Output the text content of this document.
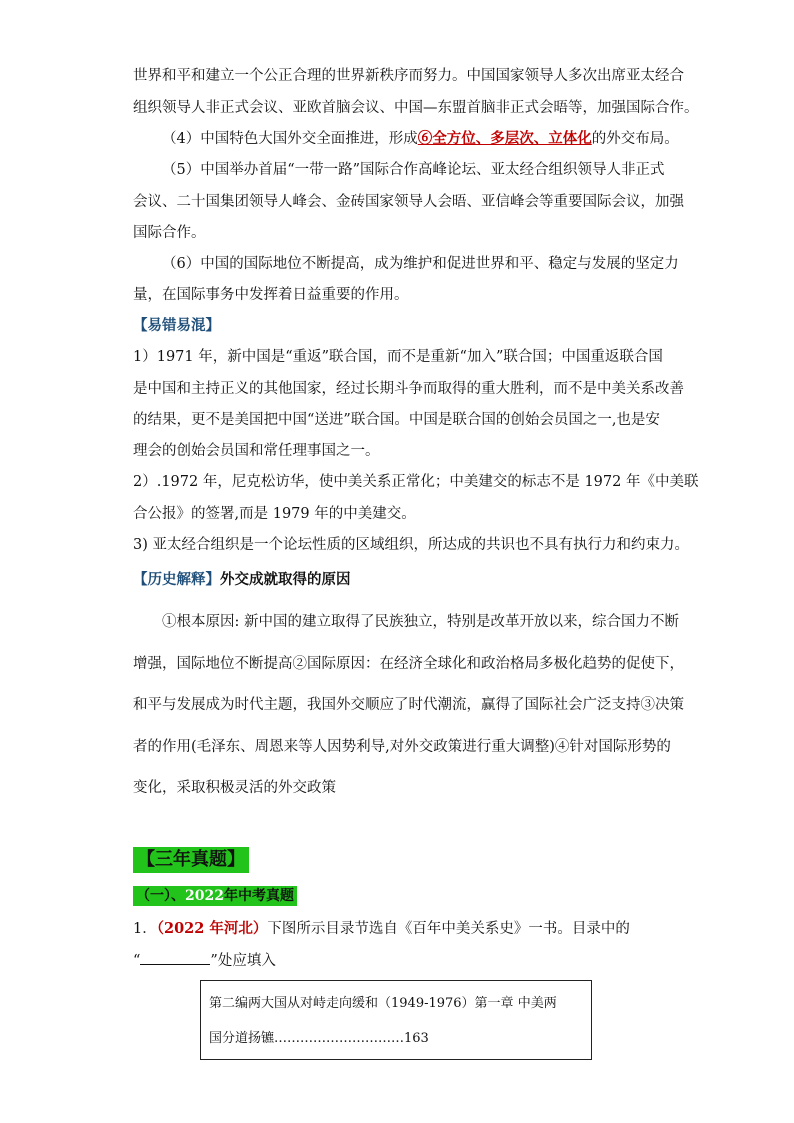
世界和平和建立一个公正合理的世界新秩序而努力。中国国家领导人多次出席亚太经合
组织领导人非正式会议、亚欧首脑会议、中国—东盟首脑非正式会晤等，加强国际合作。
（4）中国特色大国外交全面推进，形成⑥全方位、多层次、立体化的外交布局。
（5）中国举办首届“一带一路”国际合作高峰论坛、亚太经合组织领导人非正式
会议、二十国集团领导人峰会、金砖国家领导人会晤、亚信峰会等重要国际会议，加强
国际合作。
（6）中国的国际地位不断提高，成为维护和促进世界和平、稳定与发展的坚定力
量，在国际事务中发挥着日益重要的作用。
【易错易混】
1）1971 年，新中国是“重返”联合国，而不是重新“加入”联合国；中国重返联合国
是中国和主持正义的其他国家，经过长期斗争而取得的重大胜利，而不是中美关系改善
的结果，更不是美国把中国“送进”联合国。中国是联合国的创始会员国之一,也是安
理会的创始会员国和常任理事国之一。
2）.1972 年，尼克松访华，使中美关系正常化；中美建交的标志不是 1972 年《中美联
合公报》的签署,而是 1979 年的中美建交。
3) 亚太经合组织是一个论坛性质的区域组织，所达成的共识也不具有执行力和约束力。
【历史解释】外交成就取得的原因
①根本原因: 新中国的建立取得了民族独立，特别是改革开放以来，综合国力不断
增强，国际地位不断提高②国际原因：在经济全球化和政治格局多极化趋势的促使下，
和平与发展成为时代主题，我国外交顺应了时代潮流，赢得了国际社会广泛支持③决策
者的作用(毛泽东、周恩来等人因势利导,对外交政策进行重大调整)④针对国际形势的
变化，采取积极灵活的外交政策
【三年真题】
（一）、2022年中考真题
1．（2022 年河北）下图所示目录节选自《百年中美关系史》一书。目录中的
“	”处应填入
第二编两大国从对峙走向缓和（1949-1976）第一章 中美两
国分道扬镳…………………………163
